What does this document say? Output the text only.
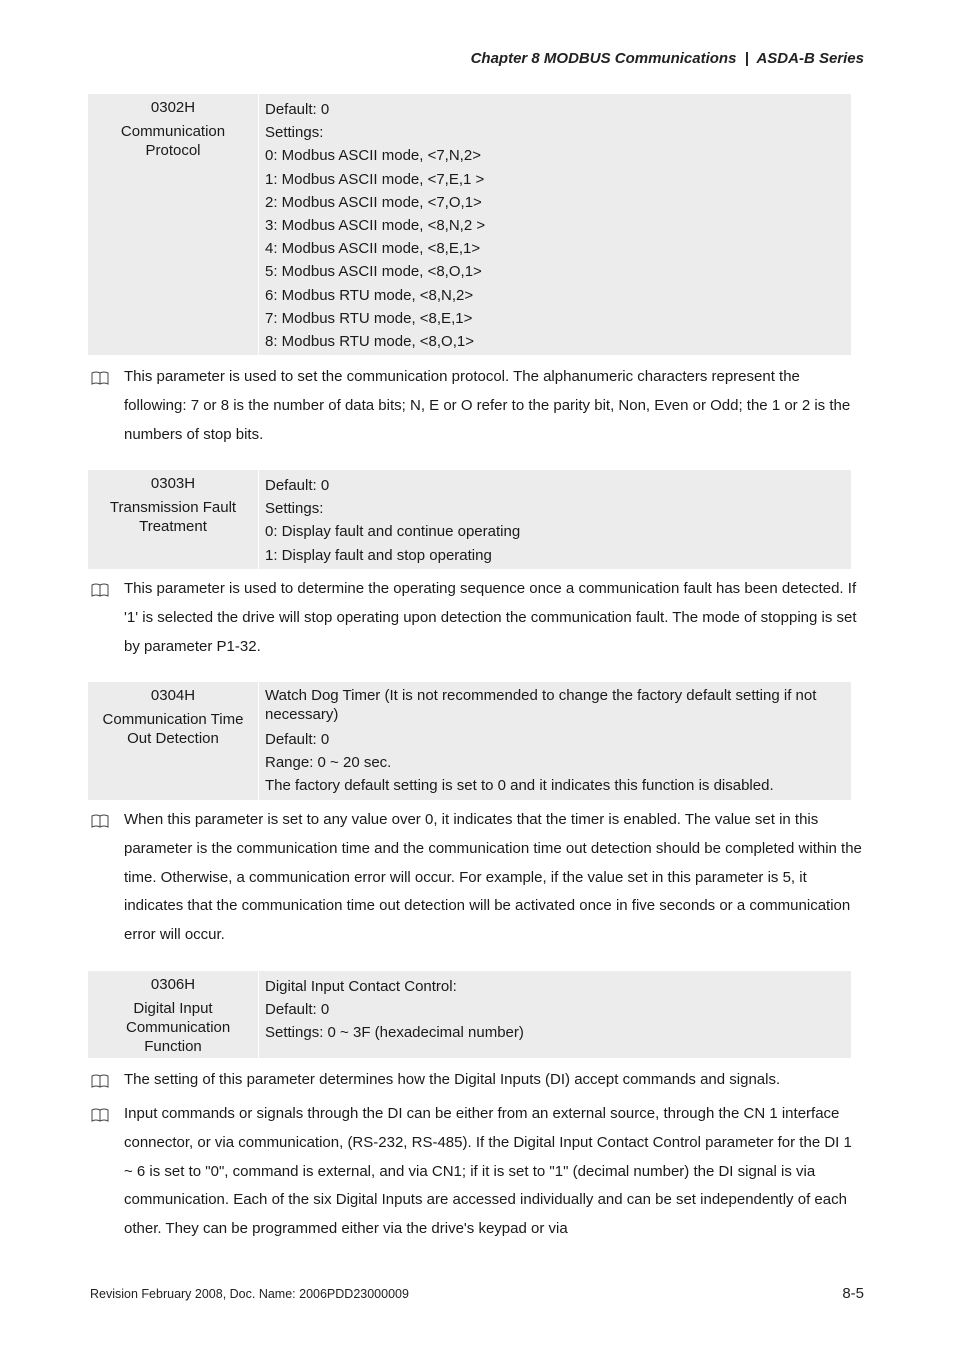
Chapter 8 MODBUS Communications | ASDA-B Series
0302H
Communication Protocol
Default: 0
Settings:
0: Modbus ASCII mode, <7,N,2>
1: Modbus ASCII mode, <7,E,1 >
2: Modbus ASCII mode, <7,O,1>
3: Modbus ASCII mode, <8,N,2 >
4: Modbus ASCII mode, <8,E,1>
5: Modbus ASCII mode, <8,O,1>
6: Modbus RTU mode, <8,N,2>
7: Modbus RTU mode, <8,E,1>
8: Modbus RTU mode, <8,O,1>
This parameter is used to set the communication protocol. The alphanumeric characters represent the following: 7 or 8 is the number of data bits; N, E or O refer to the parity bit, Non, Even or Odd; the 1 or 2 is the numbers of stop bits.
0303H
Transmission Fault Treatment
Default: 0
Settings:
0: Display fault and continue operating
1: Display fault and stop operating
This parameter is used to determine the operating sequence once a communication fault has been detected. If '1' is selected the drive will stop operating upon detection the communication fault. The mode of stopping is set by parameter P1-32.
0304H
Communication Time Out Detection
Watch Dog Timer (It is not recommended to change the factory default setting if not necessary)
Default: 0
Range: 0 ~ 20 sec.
The factory default setting is set to 0 and it indicates this function is disabled.
When this parameter is set to any value over 0, it indicates that the timer is enabled. The value set in this parameter is the communication time and the communication time out detection should be completed within the time. Otherwise, a communication error will occur. For example, if the value set in this parameter is 5, it indicates that the communication time out detection will be activated once in five seconds or a communication error will occur.
0306H
Digital Input Communication Function
Digital Input Contact Control:
Default: 0
Settings: 0 ~ 3F (hexadecimal number)
The setting of this parameter determines how the Digital Inputs (DI) accept commands and signals.
Input commands or signals through the DI can be either from an external source, through the CN 1 interface connector, or via communication, (RS-232, RS-485). If the Digital Input Contact Control parameter for the DI 1 ~ 6 is set to "0", command is external, and via CN1; if it is set to "1" (decimal number) the DI signal is via communication. Each of the six Digital Inputs are accessed individually and can be set independently of each other. They can be programmed either via the drive's keypad or via
Revision February 2008, Doc. Name: 2006PDD23000009	8-5
